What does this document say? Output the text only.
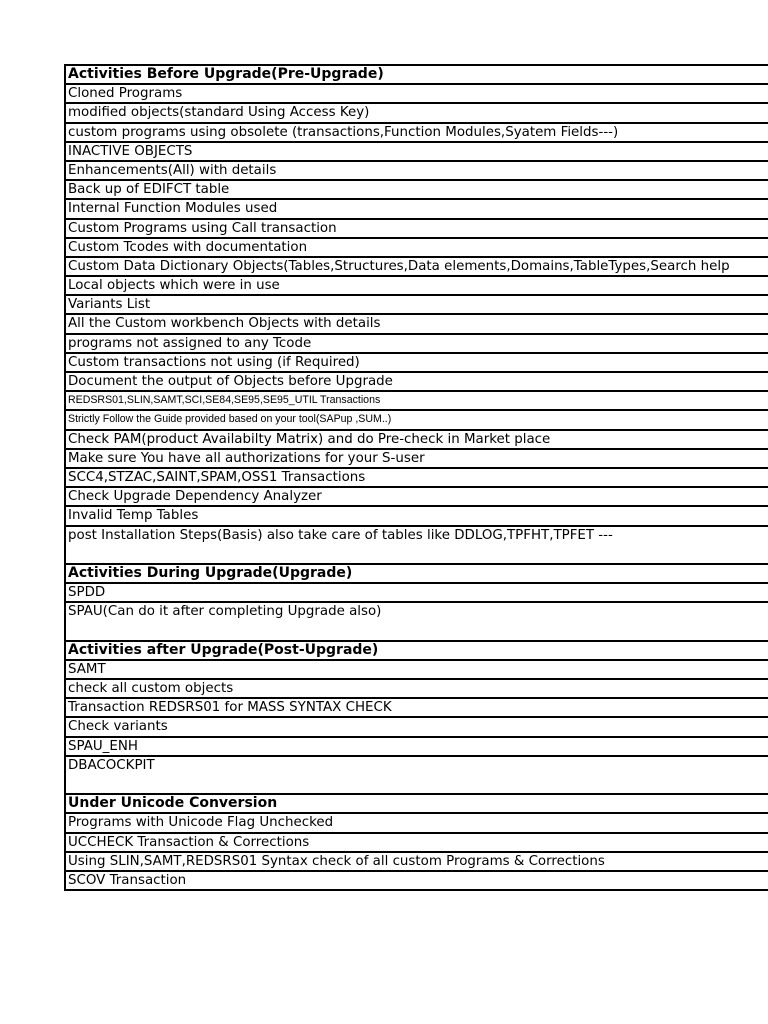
Activities Before Upgrade(Pre-Upgrade)
Cloned Programs
modified objects(standard Using Access Key)
custom programs using obsolete (transactions,Function Modules,Syatem Fields---)
INACTIVE OBJECTS
Enhancements(All) with details
Back up of EDIFCT table
Internal Function Modules used
Custom Programs using Call transaction
Custom Tcodes with documentation
Custom Data Dictionary Objects(Tables,Structures,Data elements,Domains,TableTypes,Search help
Local objects which were in use
Variants List
All the Custom workbench Objects with details
programs not assigned to any Tcode
Custom transactions not using (if Required)
Document the output of Objects before Upgrade
REDSRS01,SLIN,SAMT,SCI,SE84,SE95,SE95_UTIL Transactions
Strictly Follow the Guide provided based on your tool(SAPup ,SUM..)
Check PAM(product Availabilty Matrix) and do Pre-check in Market place
Make sure You have all authorizations for your S-user
SCC4,STZAC,SAINT,SPAM,OSS1 Transactions
Check Upgrade Dependency Analyzer
Invalid Temp Tables
post Installation Steps(Basis) also take care of tables like DDLOG,TPFHT,TPFET ---
Activities During Upgrade(Upgrade)
SPDD
SPAU(Can do it after completing Upgrade also)
Activities after Upgrade(Post-Upgrade)
SAMT
check all custom objects
Transaction REDSRS01 for MASS SYNTAX CHECK
Check variants
SPAU_ENH
DBACOCKPIT
Under Unicode Conversion
Programs with Unicode Flag Unchecked
UCCHECK Transaction & Corrections
Using SLIN,SAMT,REDSRS01 Syntax check of all custom Programs & Corrections
SCOV Transaction
